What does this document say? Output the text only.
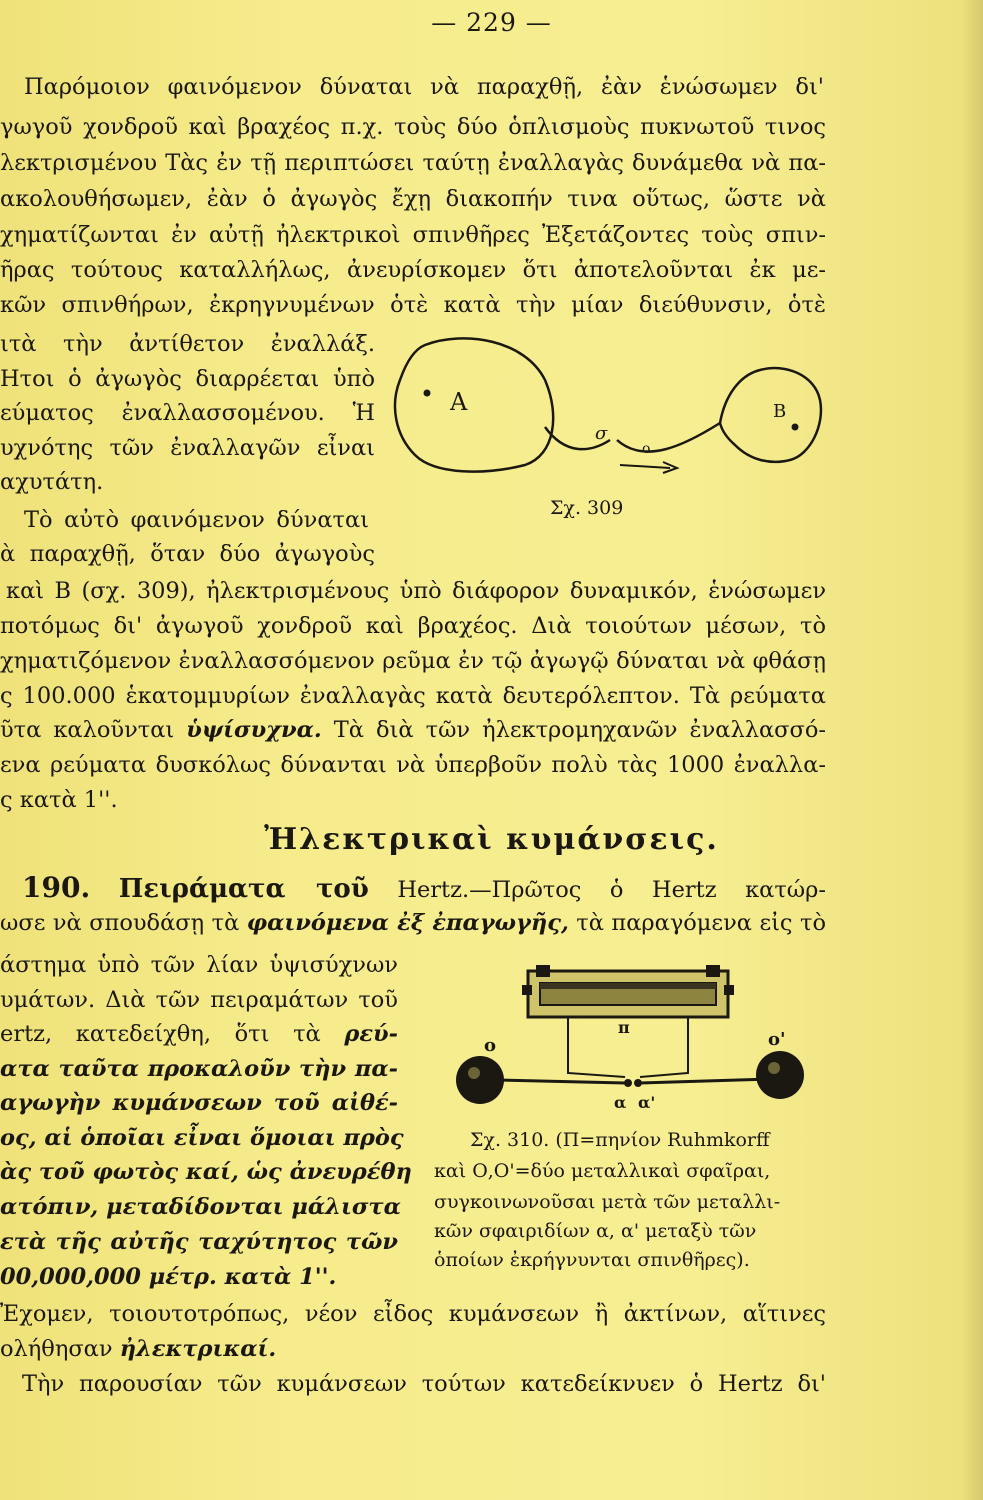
— 229 —
Παρόμοιον φαινόμενον δύναται νὰ παραχθῇ, ἐὰν ἑνώσωμεν δι'
γωγοῦ χονδροῦ καὶ βραχέος π.χ. τοὺς δύο ὁπλισμοὺς πυκνωτοῦ τινος
λεκτρισμένου Τὰς ἐν τῇ περιπτώσει ταύτῃ ἐναλλαγὰς δυνάμεθα νὰ πα-
ακολουθήσωμεν, ἐὰν ὁ ἀγωγὸς ἔχῃ διακοπήν τινα οὕτως, ὥστε νὰ
χηματίζωνται ἐν αὐτῇ ἠλεκτρικοὶ σπινθῆρες Ἐξετάζοντες τοὺς σπιν-
ῆρας τούτους καταλλήλως, ἀνευρίσκομεν ὅτι ἀποτελοῦνται ἐκ με-
κῶν σπινθήρων, ἐκρηγνυμένων ὁτὲ κατὰ τὴν μίαν διεύθυνσιν, ὁτὲ
ιτὰ τὴν ἀντίθετον ἐναλλάξ.
Ητοι ὁ ἀγωγὸς διαρρέεται ὑπὸ
εύματος ἐναλλασσομένου. Ἡ
υχνότης τῶν ἐναλλαγῶν εἶναι
αχυτάτη.
Τὸ αὐτὸ φαινόμενον δύναται
ὰ παραχθῇ, ὅταν δύο ἀγωγοὺς
A	B
σ
ο
Σχ. 309
καὶ Β (σχ. 309), ἠλεκτρισμένους ὑπὸ διάφορον δυναμικόν, ἑνώσωμεν
ποτόμως δι' ἀγωγοῦ χονδροῦ καὶ βραχέος. Διὰ τοιούτων μέσων, τὸ
χηματιζόμενον ἐναλλασσόμενον ρεῦμα ἐν τῷ ἀγωγῷ δύναται νὰ φθάσῃ
ς 100.000 ἑκατομμυρίων ἐναλλαγὰς κατὰ δευτερόλεπτον. Τὰ ρεύματα
ῦτα καλοῦνται ὑψίσυχνα. Τὰ διὰ τῶν ἠλεκτρομηχανῶν ἐναλλασσό-
ενα ρεύματα δυσκόλως δύνανται νὰ ὑπερβοῦν πολὺ τὰς 1000 ἐναλλα-
ς κατὰ 1''.
Ἠλεκτρικαὶ κυμάνσεις.
190. Πειράματα τοῦ Hertz.—Πρῶτος ὁ Hertz κατώρ-
ωσε νὰ σπουδάσῃ τὰ φαινόμενα ἐξ ἐπαγωγῆς, τὰ παραγόμενα εἰς τὸ
άστημα ὑπὸ τῶν λίαν ὑψισύχνων
υμάτων. Διὰ τῶν πειραμάτων τοῦ
ertz, κατεδείχθη, ὅτι τὰ ρεύ-
ατα ταῦτα προκαλοῦν τὴν πα-
αγωγὴν κυμάνσεων τοῦ αἰθέ-
ος, αἱ ὁποῖαι εἶναι ὅμοιαι πρὸς
ὰς τοῦ φωτὸς καί, ὡς ἀνευρέθη
ατόπιν, μεταδίδονται μάλιστα
ετὰ τῆς αὐτῆς ταχύτητος τῶν
00,000,000 μέτρ. κατὰ 1''.
π
o	o'
α α'
Σχ. 310. (Π=πηνίον Ruhmkorff
καὶ Ο,Ο'=δύο μεταλλικαὶ σφαῖραι,
συγκοινωνοῦσαι μετὰ τῶν μεταλλι-
κῶν σφαιριδίων α, α' μεταξὺ τῶν
ὁποίων ἐκρήγνυνται σπινθῆρες).
Ἐχομεν, τοιουτοτρόπως, νέον εἶδος κυμάνσεων ἢ ἀκτίνων, αἵτινες
ολήθησαν ἠλεκτρικαί.
Τὴν παρουσίαν τῶν κυμάνσεων τούτων κατεδείκνυεν ὁ Hertz δι'
